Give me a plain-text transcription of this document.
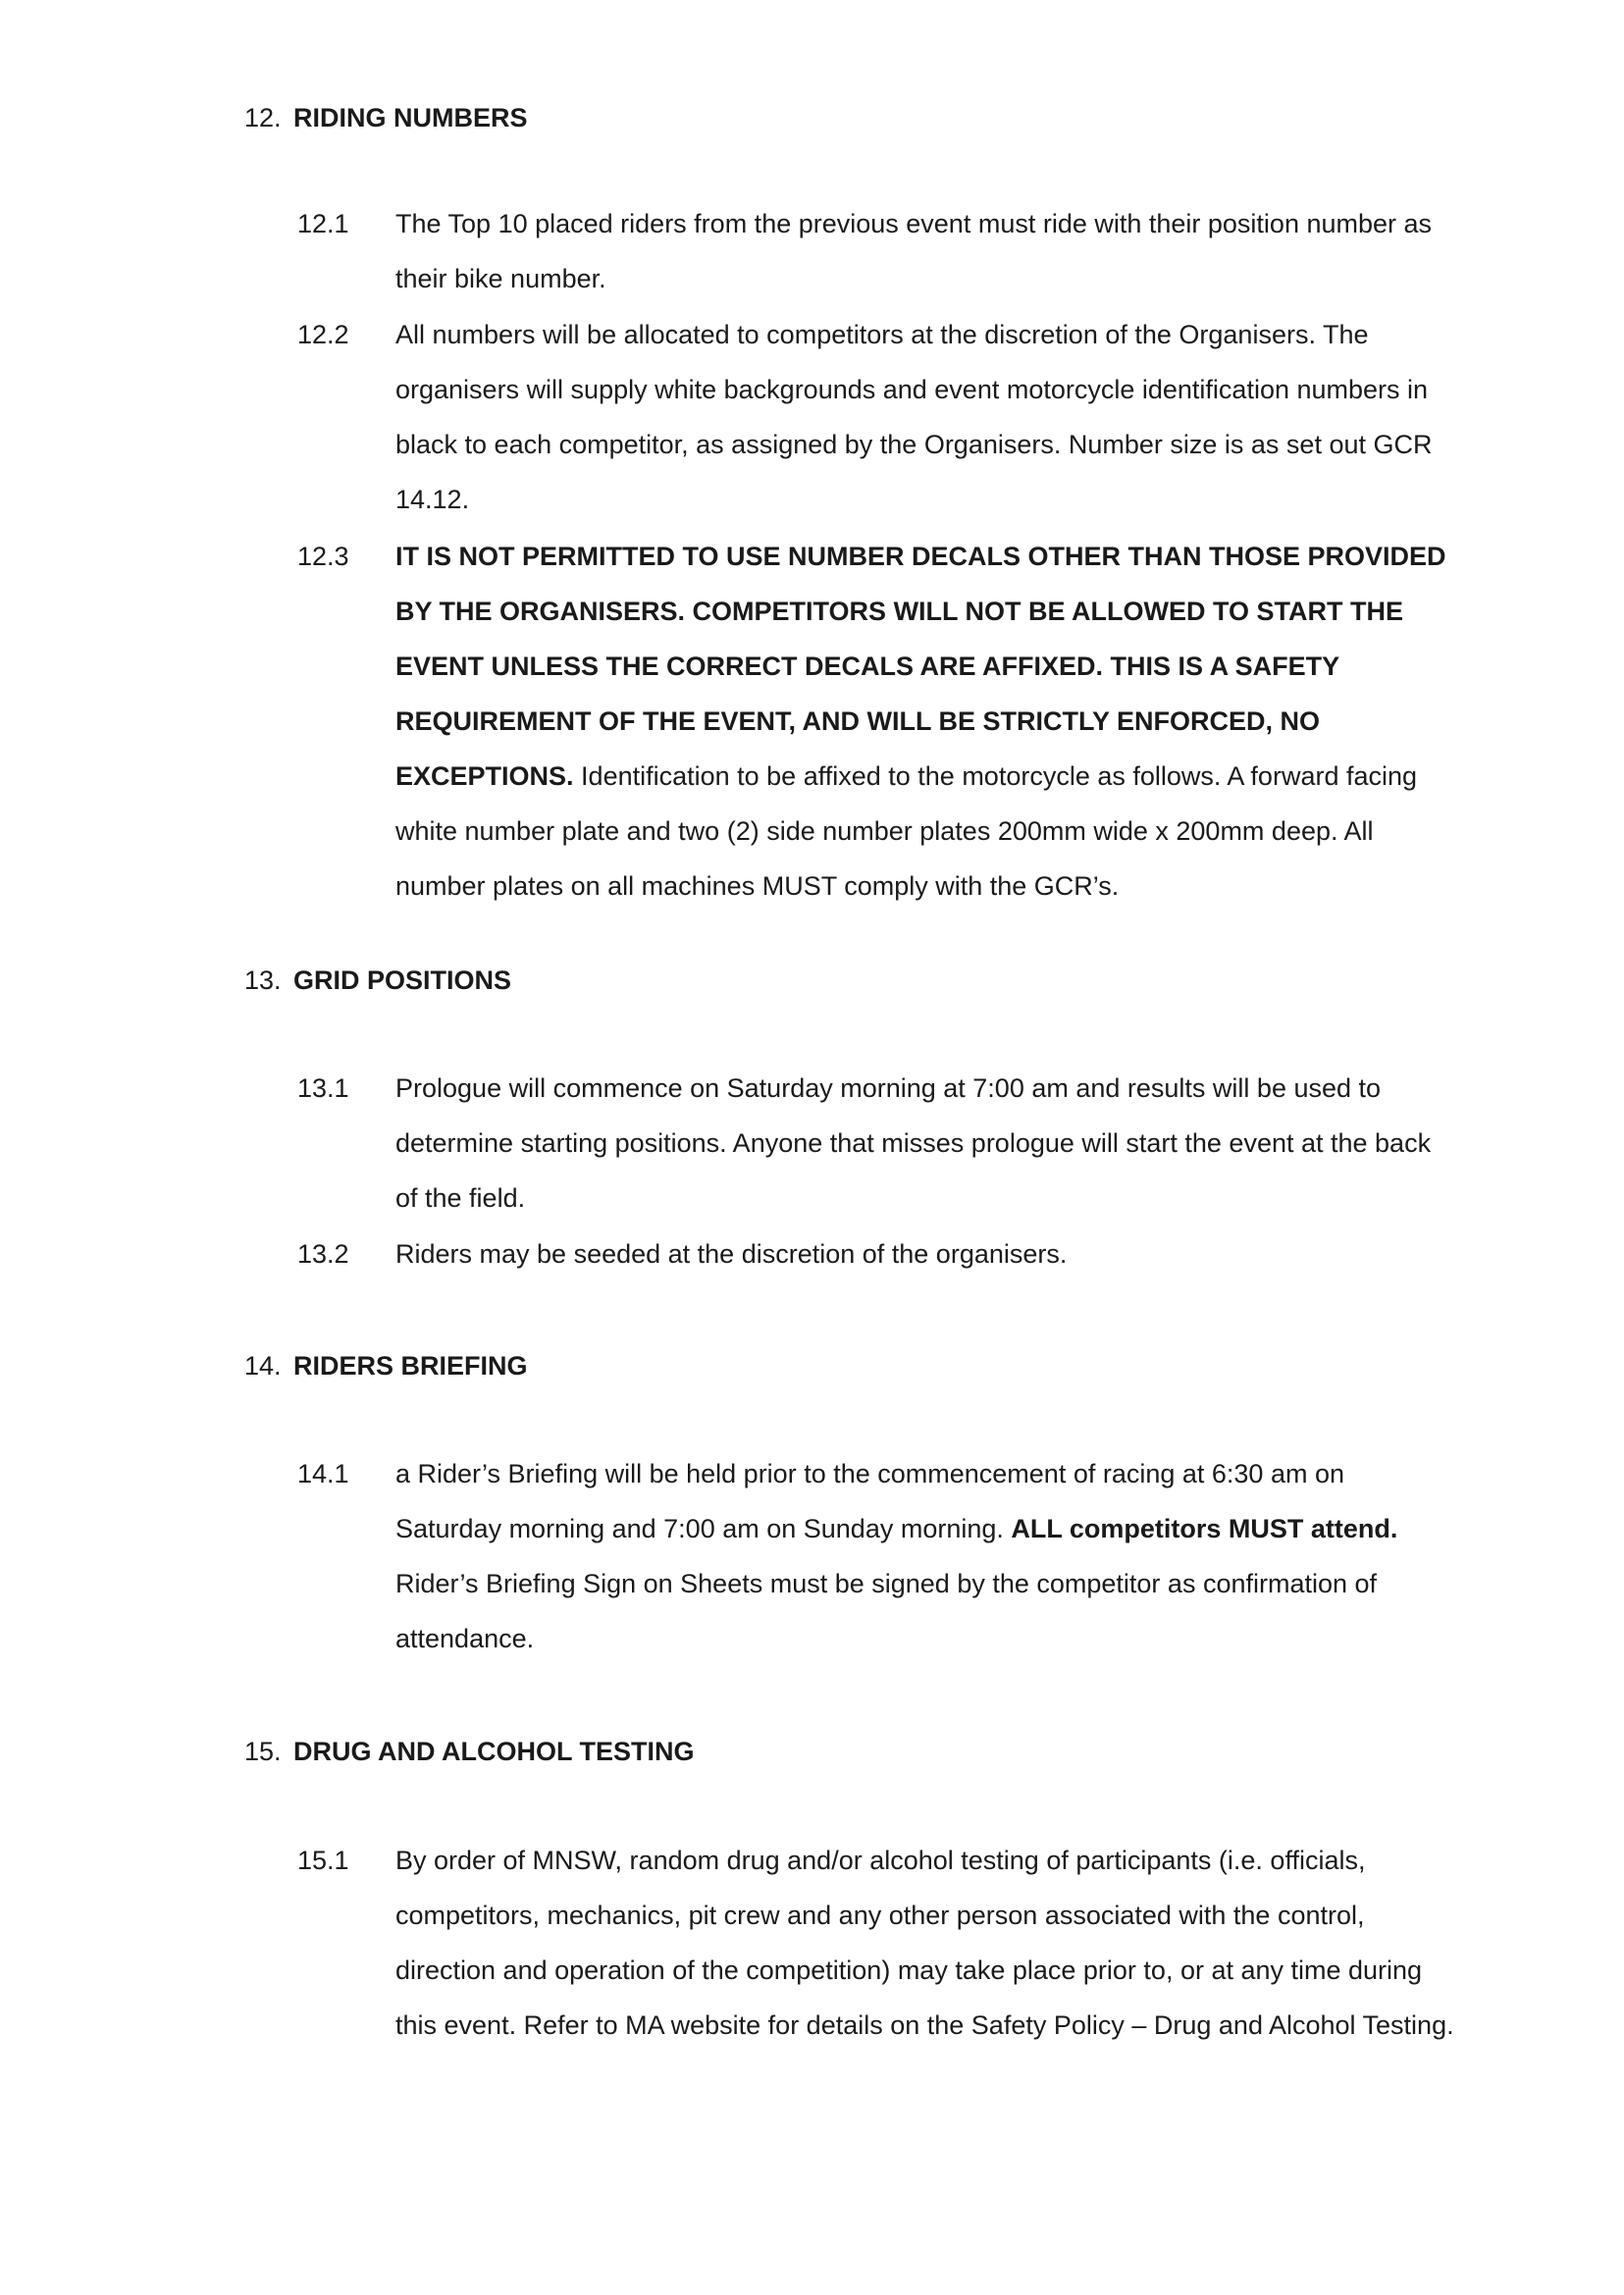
12. RIDING NUMBERS
12.1 The Top 10 placed riders from the previous event must ride with their position number as their bike number.
12.2 All numbers will be allocated to competitors at the discretion of the Organisers. The organisers will supply white backgrounds and event motorcycle identification numbers in black to each competitor, as assigned by the Organisers. Number size is as set out GCR 14.12.
12.3 IT IS NOT PERMITTED TO USE NUMBER DECALS OTHER THAN THOSE PROVIDED BY THE ORGANISERS. COMPETITORS WILL NOT BE ALLOWED TO START THE EVENT UNLESS THE CORRECT DECALS ARE AFFIXED. THIS IS A SAFETY REQUIREMENT OF THE EVENT, AND WILL BE STRICTLY ENFORCED, NO EXCEPTIONS. Identification to be affixed to the motorcycle as follows. A forward facing white number plate and two (2) side number plates 200mm wide x 200mm deep. All number plates on all machines MUST comply with the GCR’s.
13. GRID POSITIONS
13.1 Prologue will commence on Saturday morning at 7:00 am and results will be used to determine starting positions. Anyone that misses prologue will start the event at the back of the field.
13.2 Riders may be seeded at the discretion of the organisers.
14. RIDERS BRIEFING
14.1 a Rider’s Briefing will be held prior to the commencement of racing at 6:30 am on Saturday morning and 7:00 am on Sunday morning. ALL competitors MUST attend. Rider’s Briefing Sign on Sheets must be signed by the competitor as confirmation of attendance.
15. DRUG AND ALCOHOL TESTING
15.1 By order of MNSW, random drug and/or alcohol testing of participants (i.e. officials, competitors, mechanics, pit crew and any other person associated with the control, direction and operation of the competition) may take place prior to, or at any time during this event. Refer to MA website for details on the Safety Policy – Drug and Alcohol Testing.
